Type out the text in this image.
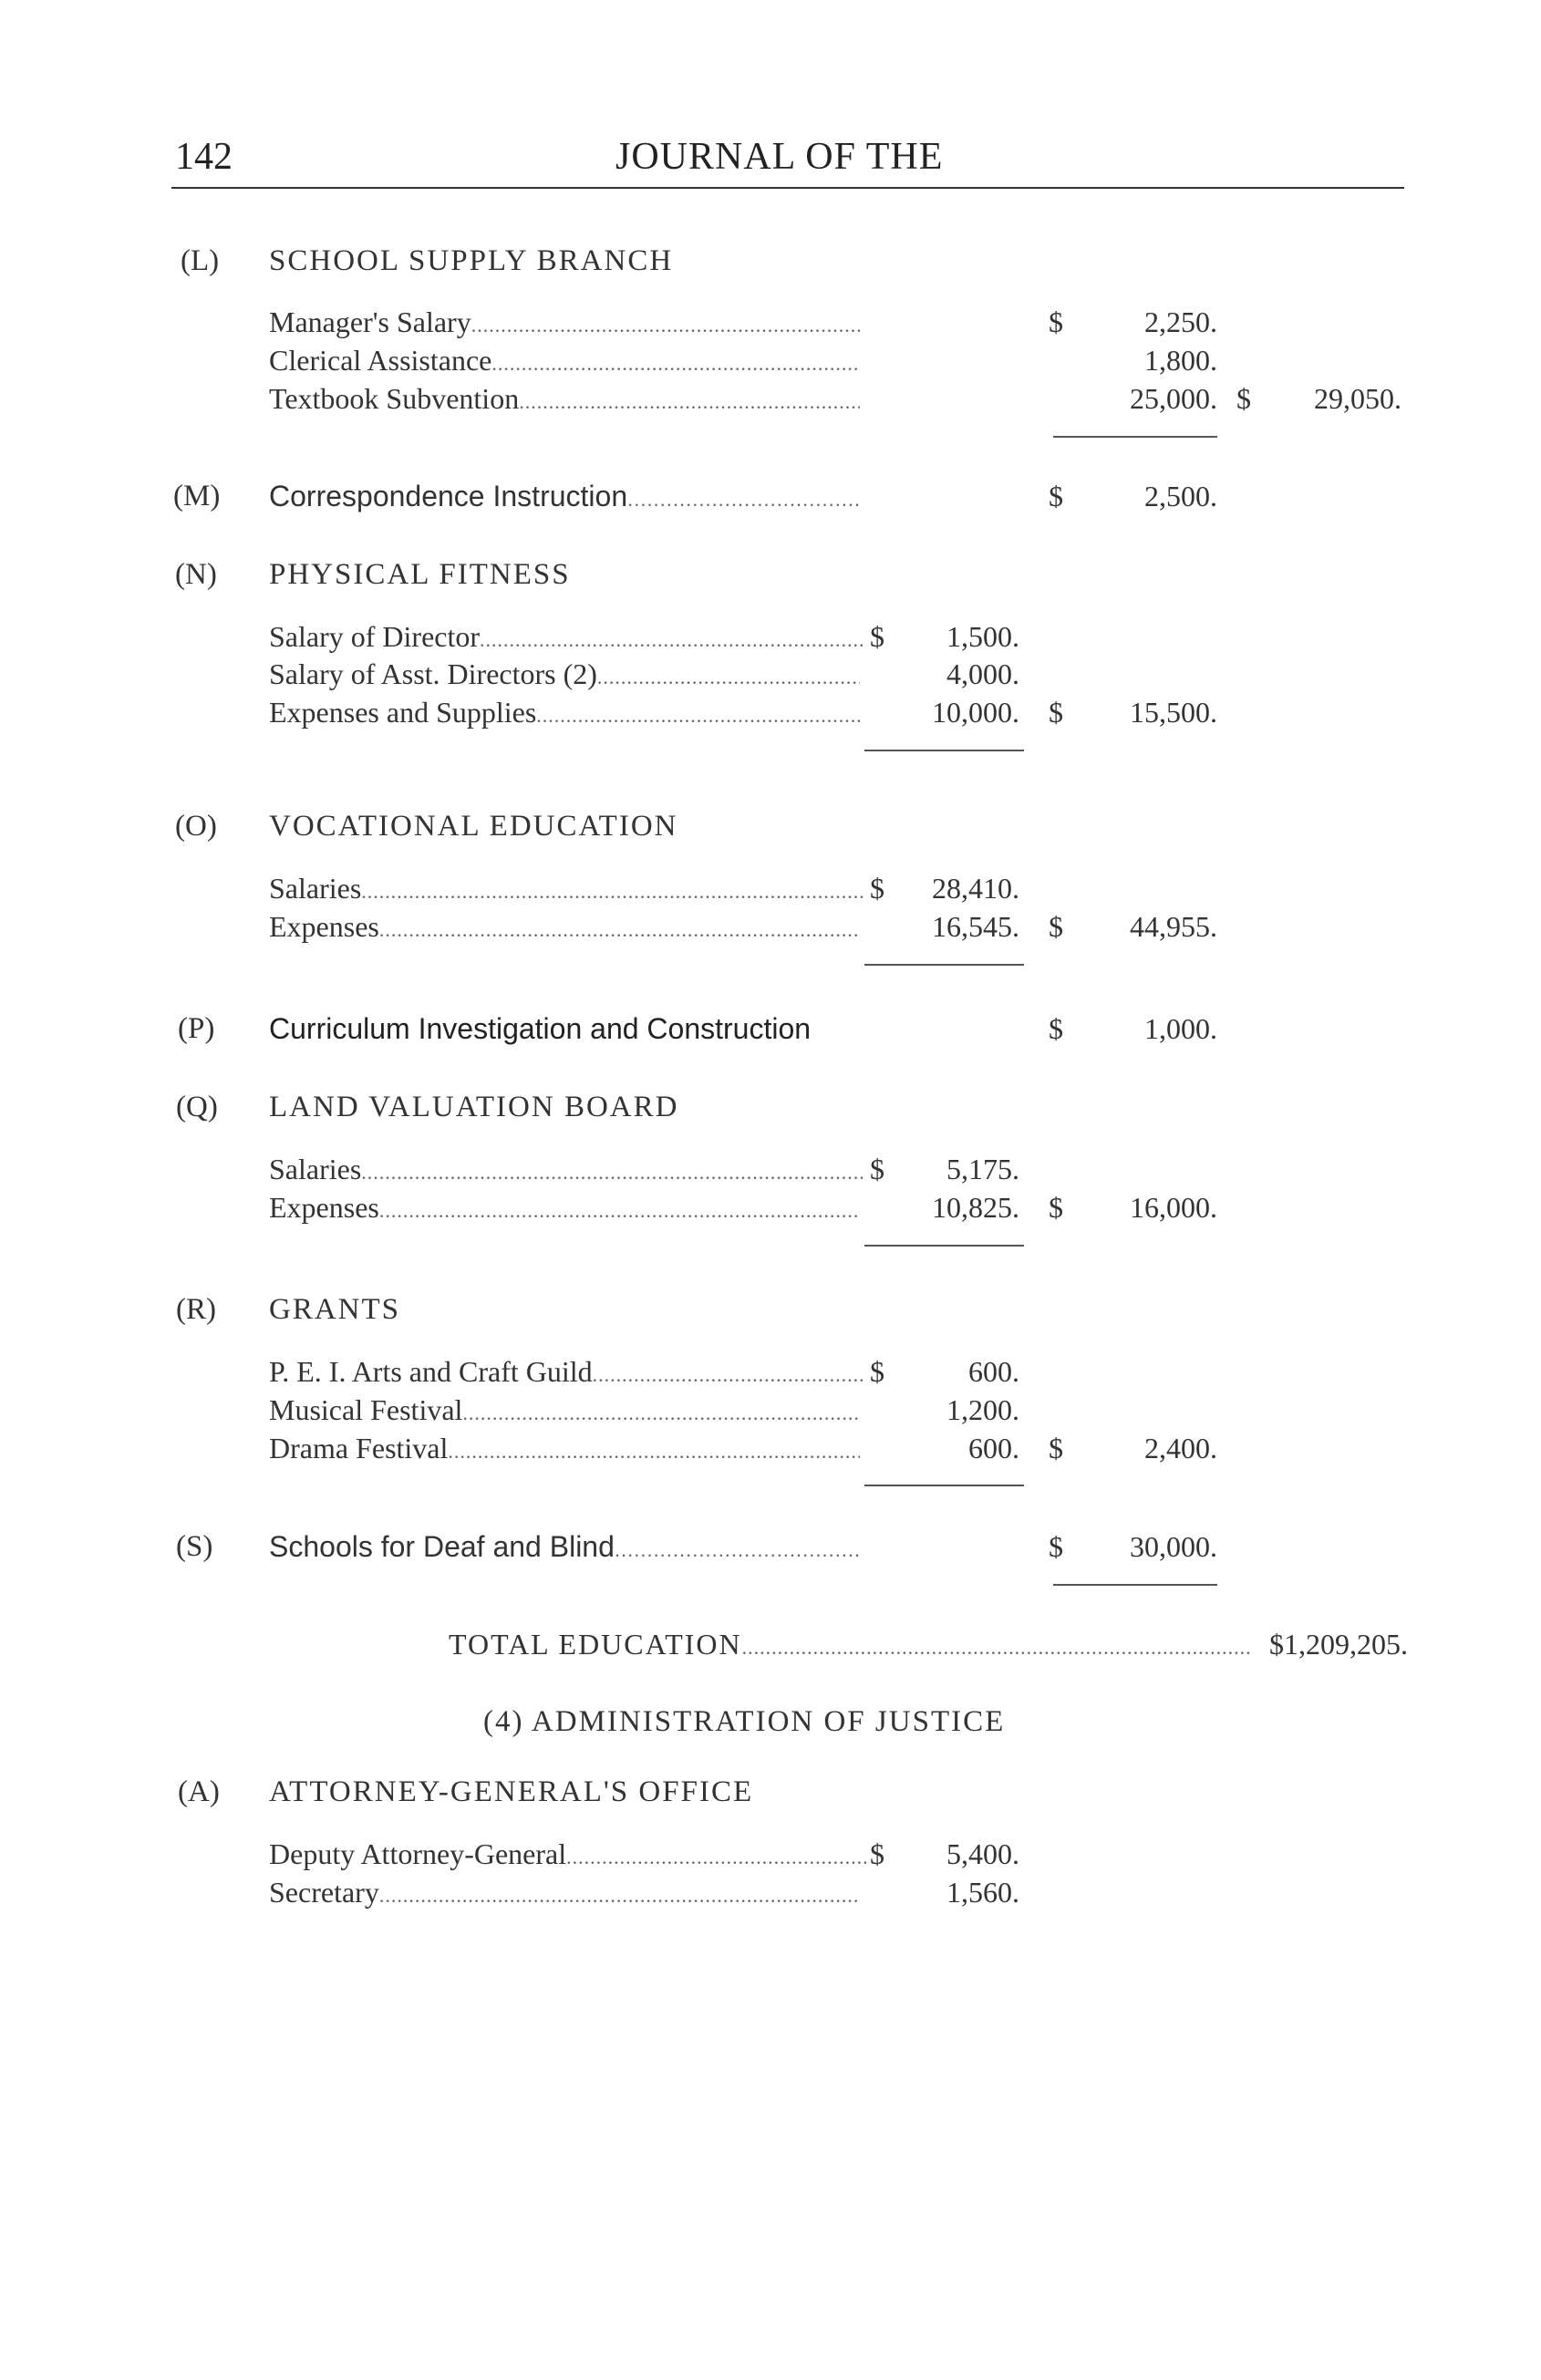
142	JOURNAL OF THE
(L) SCHOOL SUPPLY BRANCH
Manager's Salary .....	$	2,250.
Clerical Assistance .....	1,800.
Textbook Subvention .....	25,000. $ 29,050.
(M) Correspondence Instruction .....	$	2,500.
(N) PHYSICAL FITNESS
Salary of Director .....	$ 1,500.
Salary of Asst. Directors (2) .....	4,000.
Expenses and Supplies .....	10,000. $ 15,500.
(O) VOCATIONAL EDUCATION
Salaries .....	$ 28,410.
Expenses .....	16,545. $ 44,955.
(P) Curriculum Investigation and Construction	$	1,000.
(Q) LAND VALUATION BOARD
Salaries .....	$ 5,175.
Expenses .....	10,825. $ 16,000.
(R) GRANTS
P. E. I. Arts and Craft Guild .....	$	600.
Musical Festival .....	1,200.
Drama Festival .....	600. $	2,400.
(S) Schools for Deaf and Blind .....	$ 30,000.
TOTAL EDUCATION .....	$1,209,205.
(4) ADMINISTRATION OF JUSTICE
(A) ATTORNEY-GENERAL'S OFFICE
Deputy Attorney-General .....	$ 5,400.
Secretary .....	1,560.
